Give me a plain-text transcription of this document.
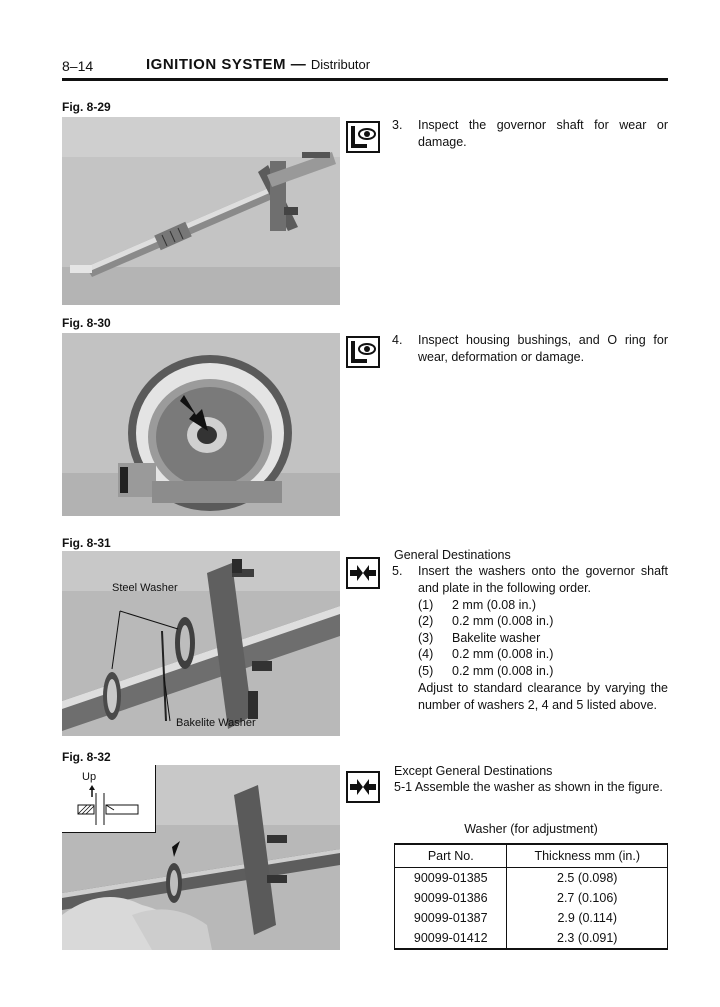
8–14	IGNITION SYSTEM — Distributor
Fig. 8-29
3. Inspect the governor shaft for wear or damage.
Fig. 8-30
4. Inspect housing bushings, and O ring for wear, deformation or damage.
Fig. 8-31
Steel Washer
Bakelite Washer
General Destinations
5. Insert the washers onto the governor shaft and plate in the following order.
(1) 2 mm (0.08 in.)
(2) 0.2 mm (0.008 in.)
(3) Bakelite washer
(4) 0.2 mm (0.008 in.)
(5) 0.2 mm (0.008 in.)
Adjust to standard clearance by varying the number of washers 2, 4 and 5 listed above.
Fig. 8-32
Up	Except General Destinations
5-1 Assemble the washer as shown in the figure.
Washer (for adjustment)
Part No.	Thickness mm (in.)
90099-01385	2.5 (0.098)
90099-01386	2.7 (0.106)
90099-01387	2.9 (0.114)
90099-01412	2.3 (0.091)
